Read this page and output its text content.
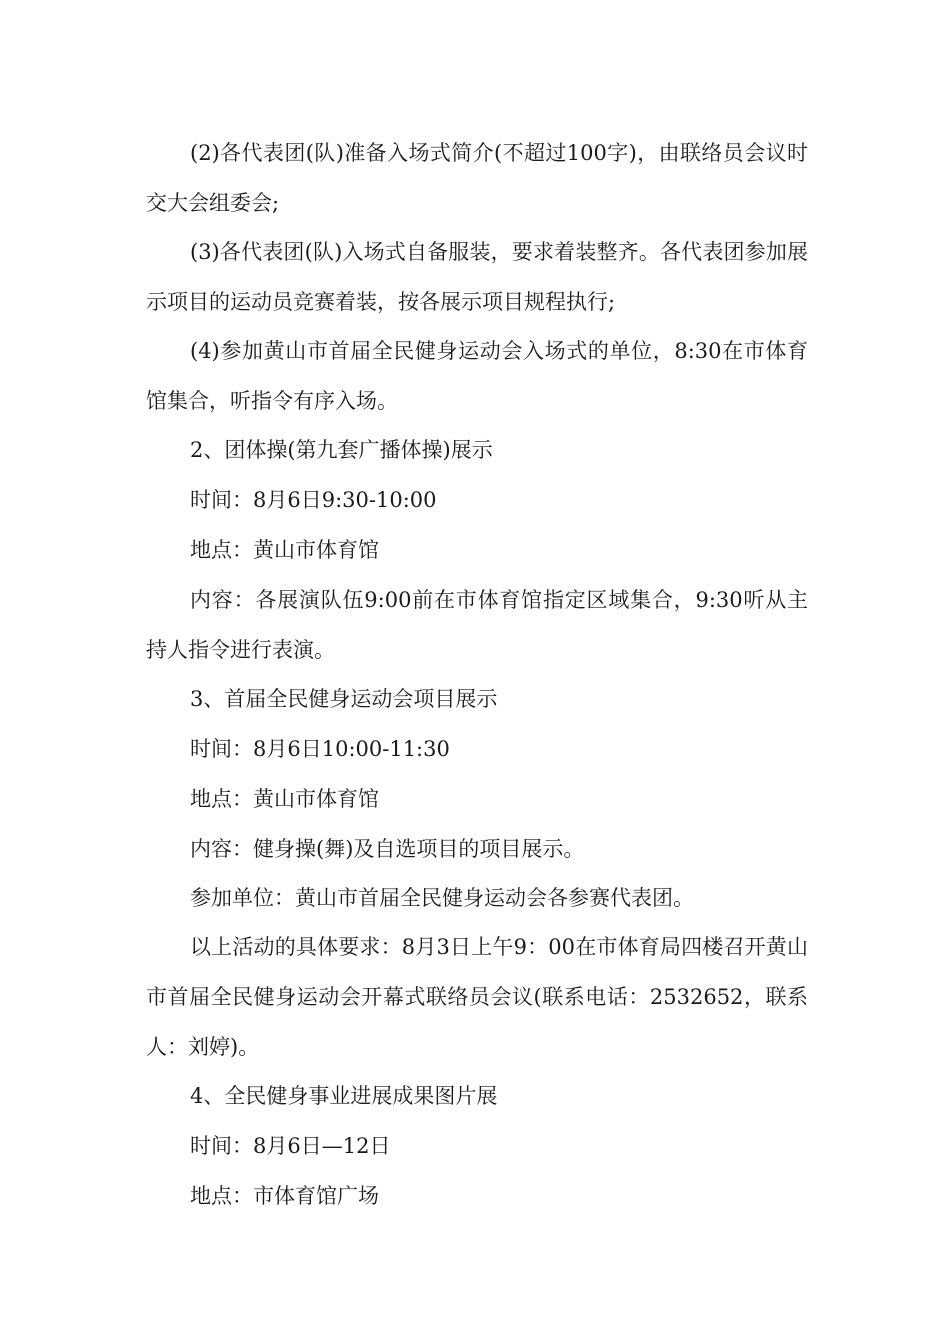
(2)各代表团(队)准备入场式简介(不超过100字)，由联络员会议时交大会组委会;

(3)各代表团(队)入场式自备服装，要求着装整齐。各代表团参加展示项目的运动员竞赛着装，按各展示项目规程执行;

(4)参加黄山市首届全民健身运动会入场式的单位，8:30在市体育馆集合，听指令有序入场。

2、团体操(第九套广播体操)展示

时间：8月6日9:30-10:00

地点：黄山市体育馆

内容：各展演队伍9:00前在市体育馆指定区域集合，9:30听从主持人指令进行表演。

3、首届全民健身运动会项目展示

时间：8月6日10:00-11:30

地点：黄山市体育馆

内容：健身操(舞)及自选项目的项目展示。

参加单位：黄山市首届全民健身运动会各参赛代表团。

以上活动的具体要求：8月3日上午9：00在市体育局四楼召开黄山市首届全民健身运动会开幕式联络员会议(联系电话：2532652，联系人：刘婷)。

4、全民健身事业进展成果图片展

时间：8月6日—12日

地点：市体育馆广场
